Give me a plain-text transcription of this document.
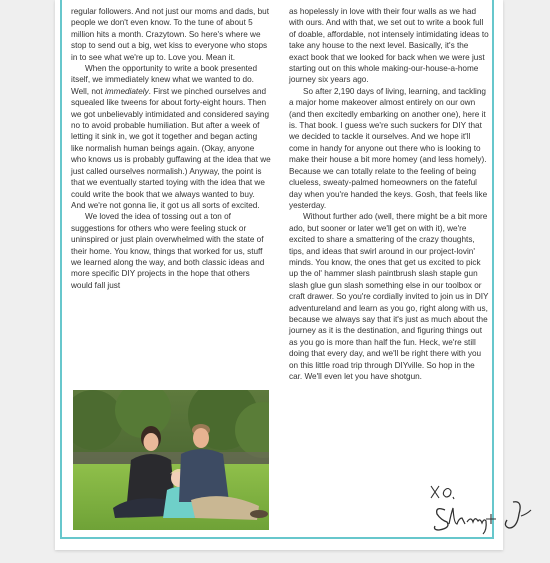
regular followers. And not just our moms and dads, but people we don't even know. To the tune of about 5 million hits a month. Crazytown. So here's where we stop to send out a big, wet kiss to everyone who stops in to see what we're up to. Love you. Mean it.

When the opportunity to write a book presented itself, we immediately knew what we wanted to do. Well, not immediately. First we pinched ourselves and squealed like tweens for about forty-eight hours. Then we got unbelievably intimidated and considered saying no to avoid probable humiliation. But after a week of letting it sink in, we got it together and began acting like normalish human beings again. (Okay, anyone who knows us is probably guffawing at the idea that we just called ourselves normalish.) Anyway, the point is that we eventually started toying with the idea that we could write the book that we always wanted to buy. And we're not gonna lie, it got us all sorts of excited.

We loved the idea of tossing out a ton of suggestions for others who were feeling stuck or uninspired or just plain overwhelmed with the state of their home. You know, things that worked for us, stuff we learned along the way, and both classic ideas and more specific DIY projects in the hope that others would fall just

as hopelessly in love with their four walls as we had with ours. And with that, we set out to write a book full of doable, affordable, not intensely intimidating ideas to take any house to the next level. Basically, it's the exact book that we looked for back when we were just starting out on this whole making-our-house-a-home journey six years ago.

So after 2,190 days of living, learning, and tackling a major home makeover almost entirely on our own (and then excitedly embarking on another one), here it is. That book. I guess we're such suckers for DIY that we decided to tackle it ourselves. And we hope it'll come in handy for anyone out there who is looking to make their house a bit more homey (and less homely). Because we can totally relate to the feeling of being clueless, sweaty-palmed homeowners on the fateful day when you're handed the keys. Gosh, that feels like yesterday.

Without further ado (well, there might be a bit more ado, but sooner or later we'll get on with it), we're excited to share a smattering of the crazy thoughts, tips, and ideas that swirl around in our project-lovin' minds. You know, the ones that get us excited to pick up the ol' hammer slash paintbrush slash staple gun slash glue gun slash something else in our toolbox or craft drawer. So you're cordially invited to join us in DIY adventureland and learn as you go, right along with us, because we always say that it's just as much about the journey as it is the destination, and figuring things out as you go is more than half the fun. Heck, we're still doing that every day, and we'll be right there with you on this little road trip through DIYville. So hop in the car. We'll even let you have shotgun.
